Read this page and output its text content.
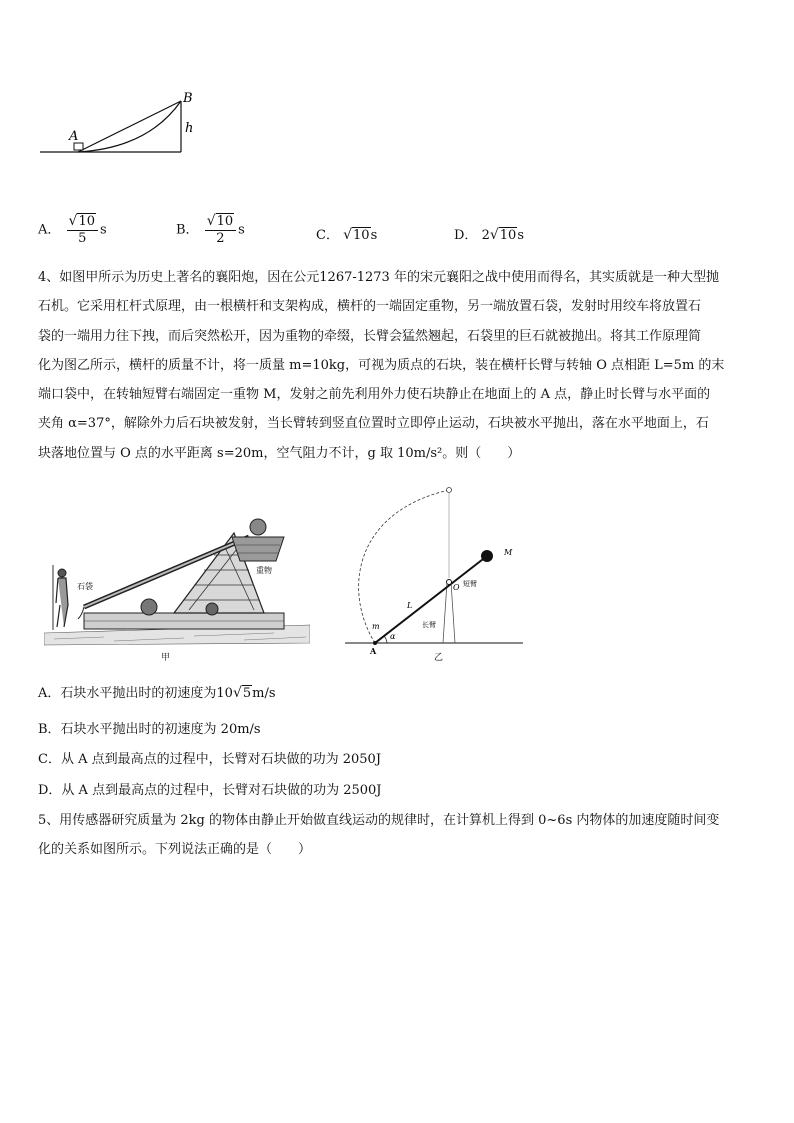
B
A
h
A． $\frac{√10}{5}$ s	B． $\frac{√10}{2}$ s	C． √10s	D． 2√10s
4、如图甲所示为历史上著名的襄阳炮，因在公元1267-1273 年的宋元襄阳之战中使用而得名，其实质就是一种大型抛
石机。它采用杠杆式原理，由一根横杆和支架构成，横杆的一端固定重物，另一端放置石袋，发射时用绞车将放置石
袋的一端用力往下拽，而后突然松开，因为重物的牵缀，长臂会猛然翘起，石袋里的巨石就被抛出。将其工作原理简
化为图乙所示，横杆的质量不计，将一质量 m=10kg，可视为质点的石块，装在横杆长臂与转轴 O 点相距 L=5m 的末
端口袋中，在转轴短臂右端固定一重物 M，发射之前先利用外力使石块静止在地面上的 A 点，静止时长臂与水平面的
夹角 α=37°，解除外力后石块被发射，当长臂转到竖直位置时立即停止运动，石块被水平抛出，落在水平地面上，石
块落地位置与 O 点的水平距离 s=20m，空气阻力不计，g 取 10m/s²。则（　　）
石袋
重物
甲
M
O 短臂
L
长臂
m
α
A
乙
A．石块水平抛出时的初速度为10√5m/s
B．石块水平抛出时的初速度为 20m/s
C．从 A 点到最高点的过程中，长臂对石块做的功为 2050J
D．从 A 点到最高点的过程中，长臂对石块做的功为 2500J
5、用传感器研究质量为 2kg 的物体由静止开始做直线运动的规律时，在计算机上得到 0~6s 内物体的加速度随时间变
化的关系如图所示。下列说法正确的是（　　）
